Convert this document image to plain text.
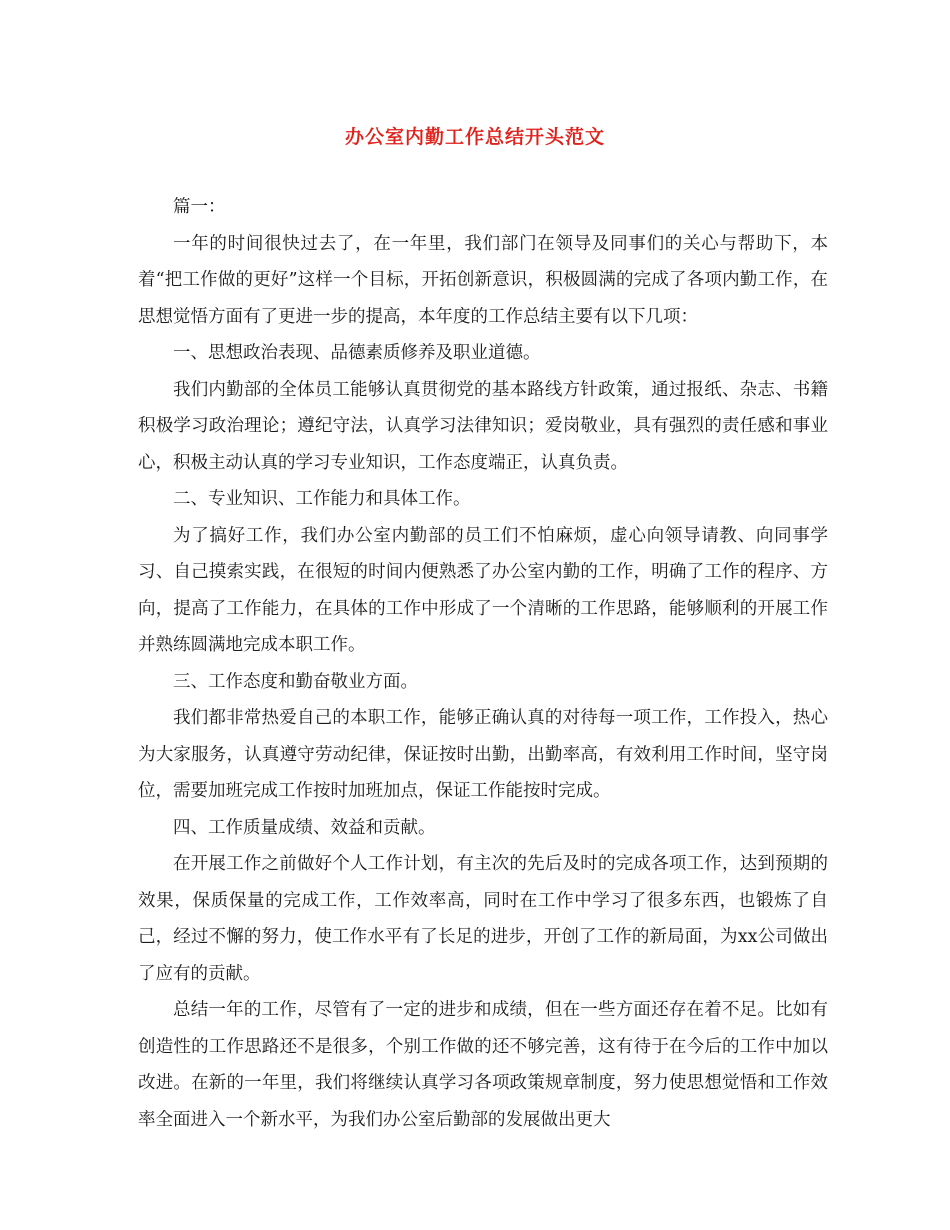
办公室内勤工作总结开头范文

篇一：

一年的时间很快过去了，在一年里，我们部门在领导及同事们的关心与帮助下，本着“把工作做的更好”这样一个目标，开拓创新意识，积极圆满的完成了各项内勤工作，在思想觉悟方面有了更进一步的提高，本年度的工作总结主要有以下几项：

一、思想政治表现、品德素质修养及职业道德。

我们内勤部的全体员工能够认真贯彻党的基本路线方针政策，通过报纸、杂志、书籍积极学习政治理论；遵纪守法，认真学习法律知识；爱岗敬业，具有强烈的责任感和事业心，积极主动认真的学习专业知识，工作态度端正，认真负责。

二、专业知识、工作能力和具体工作。

为了搞好工作，我们办公室内勤部的员工们不怕麻烦，虚心向领导请教、向同事学习、自己摸索实践，在很短的时间内便熟悉了办公室内勤的工作，明确了工作的程序、方向，提高了工作能力，在具体的工作中形成了一个清晰的工作思路，能够顺利的开展工作并熟练圆满地完成本职工作。

三、工作态度和勤奋敬业方面。

我们都非常热爱自己的本职工作，能够正确认真的对待每一项工作，工作投入，热心为大家服务，认真遵守劳动纪律，保证按时出勤，出勤率高，有效利用工作时间，坚守岗位，需要加班完成工作按时加班加点，保证工作能按时完成。

四、工作质量成绩、效益和贡献。

在开展工作之前做好个人工作计划，有主次的先后及时的完成各项工作，达到预期的效果，保质保量的完成工作，工作效率高，同时在工作中学习了很多东西，也锻炼了自己，经过不懈的努力，使工作水平有了长足的进步，开创了工作的新局面，为xx公司做出了应有的贡献。

总结一年的工作，尽管有了一定的进步和成绩，但在一些方面还存在着不足。比如有创造性的工作思路还不是很多，个别工作做的还不够完善，这有待于在今后的工作中加以改进。在新的一年里，我们将继续认真学习各项政策规章制度，努力使思想觉悟和工作效率全面进入一个新水平，为我们办公室后勤部的发展做出更大
